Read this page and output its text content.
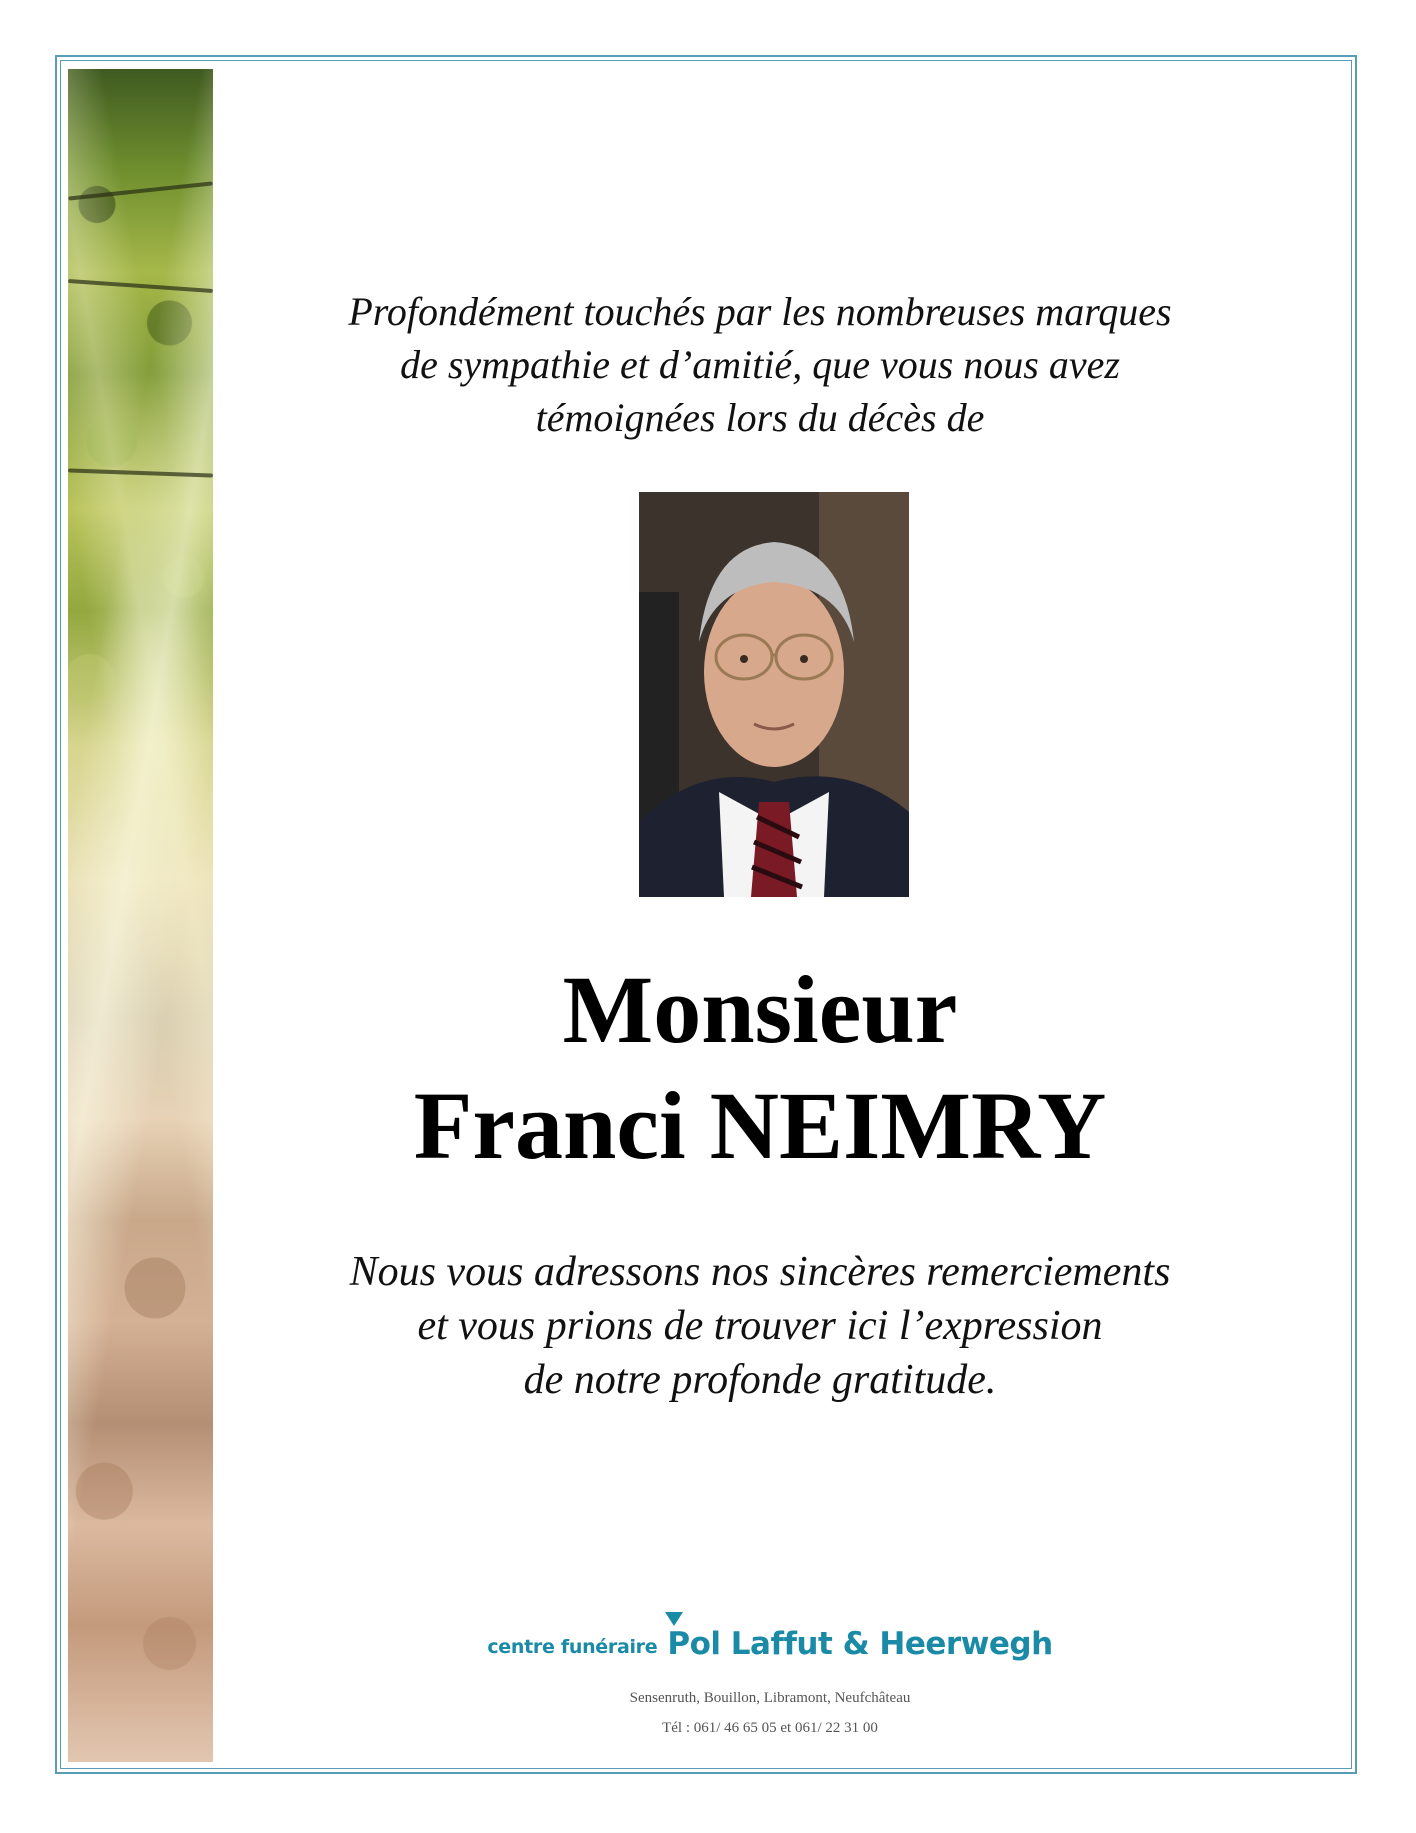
Profondément touchés par les nombreuses marques
de sympathie et d’amitié, que vous nous avez
témoignées lors du décès de
Monsieur
Franci NEIMRY
Nous vous adressons nos sincères remerciements
et vous prions de trouver ici l’expression
de notre profonde gratitude.
centre funéraire Pol Laffut & Heerwegh
Sensenruth, Bouillon, Libramont, Neufchâteau
Tél : 061/ 46 65 05 et 061/ 22 31 00
